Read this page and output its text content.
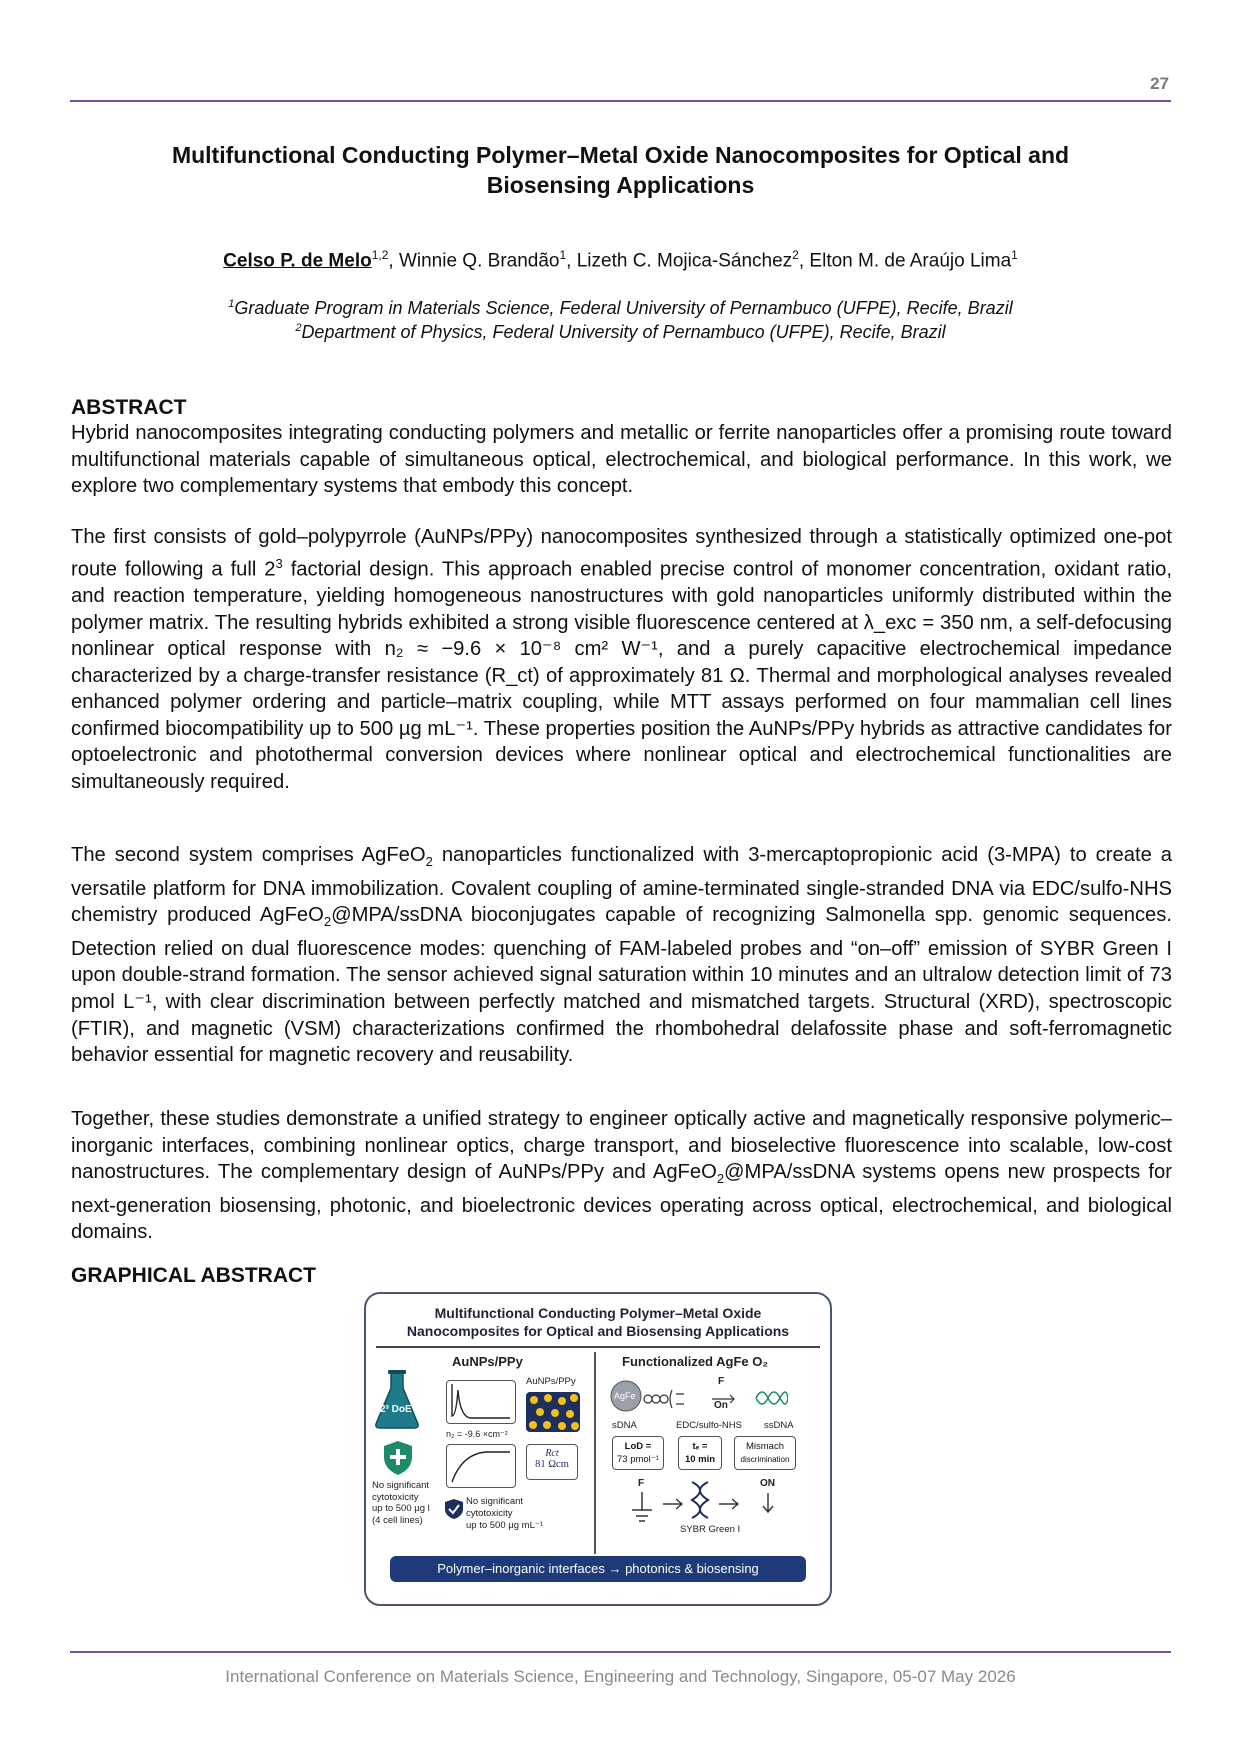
27
Multifunctional Conducting Polymer–Metal Oxide Nanocomposites for Optical and Biosensing Applications
Celso P. de Melo$^{1,2}$, Winnie Q. Brandão$^1$, Lizeth C. Mojica-Sánchez$^2$, Elton M. de Araújo Lima$^1$
$^1$Graduate Program in Materials Science, Federal University of Pernambuco (UFPE), Recife, Brazil
$^2$Department of Physics, Federal University of Pernambuco (UFPE), Recife, Brazil
ABSTRACT

Hybrid nanocomposites integrating conducting polymers and metallic or ferrite nanoparticles offer a promising route toward multifunctional materials capable of simultaneous optical, electrochemical, and biological performance. In this work, we explore two complementary systems that embody this concept.

The first consists of gold–polypyrrole (AuNPs/PPy) nanocomposites synthesized through a statistically optimized one-pot route following a full $2^3$ factorial design. This approach enabled precise control of monomer concentration, oxidant ratio, and reaction temperature, yielding homogeneous nanostructures with gold nanoparticles uniformly distributed within the polymer matrix. The resulting hybrids exhibited a strong visible fluorescence centered at λ_exc = 350 nm, a self-defocusing nonlinear optical response with n₂ ≈ −9.6 × 10⁻⁸ cm² W⁻¹, and a purely capacitive electrochemical impedance characterized by a charge-transfer resistance (R_ct) of approximately 81 Ω. Thermal and morphological analyses revealed enhanced polymer ordering and particle–matrix coupling, while MTT assays performed on four mammalian cell lines confirmed biocompatibility up to 500 µg mL⁻¹. These properties position the AuNPs/PPy hybrids as attractive candidates for optoelectronic and photothermal conversion devices where nonlinear optical and electrochemical functionalities are simultaneously required.

The second system comprises AgFeO$_2$ nanoparticles functionalized with 3-mercaptopropionic acid (3-MPA) to create a versatile platform for DNA immobilization. Covalent coupling of amine-terminated single-stranded DNA via EDC/sulfo-NHS chemistry produced AgFeO$_2$@MPA/ssDNA bioconjugates capable of recognizing Salmonella spp. genomic sequences. Detection relied on dual fluorescence modes: quenching of FAM-labeled probes and “on–off” emission of SYBR Green I upon double-strand formation. The sensor achieved signal saturation within 10 minutes and an ultralow detection limit of 73 pmol L⁻¹, with clear discrimination between perfectly matched and mismatched targets. Structural (XRD), spectroscopic (FTIR), and magnetic (VSM) characterizations confirmed the rhombohedral delafossite phase and soft-ferromagnetic behavior essential for magnetic recovery and reusability.

Together, these studies demonstrate a unified strategy to engineer optically active and magnetically responsive polymeric–inorganic interfaces, combining nonlinear optics, charge transport, and bioselective fluorescence into scalable, low-cost nanostructures. The complementary design of AuNPs/PPy and AgFeO$_2$@MPA/ssDNA systems opens new prospects for next-generation biosensing, photonic, and bioelectronic devices operating across optical, electrochemical, and biological domains.

GRAPHICAL ABSTRACT
Multifunctional Conducting Polymer–Metal Oxide
Nanocomposites for Optical and Biosensing Applications
AuNPs/PPy	Functionalized AgFe O₂
2³ DoE
n₂ = -9.6 ×cm⁻²
AuNPs/PPy
Rct
81 Ωcm
No significant
cytotoxicity
up to 500 µg l
(4 cell lines)
No significant
cytotoxicity
up to 500 µg mL⁻¹
AgFe
F
On
sDNA	EDC/sulfo-NHS ssDNA
LoD =
73 pmol⁻¹
tₑ =
10 min
Mismach
discrimination
F	ON
SYBR Green I
Polymer–inorganic interfaces → photonics & biosensing
International Conference on Materials Science, Engineering and Technology, Singapore, 05-07 May 2026
